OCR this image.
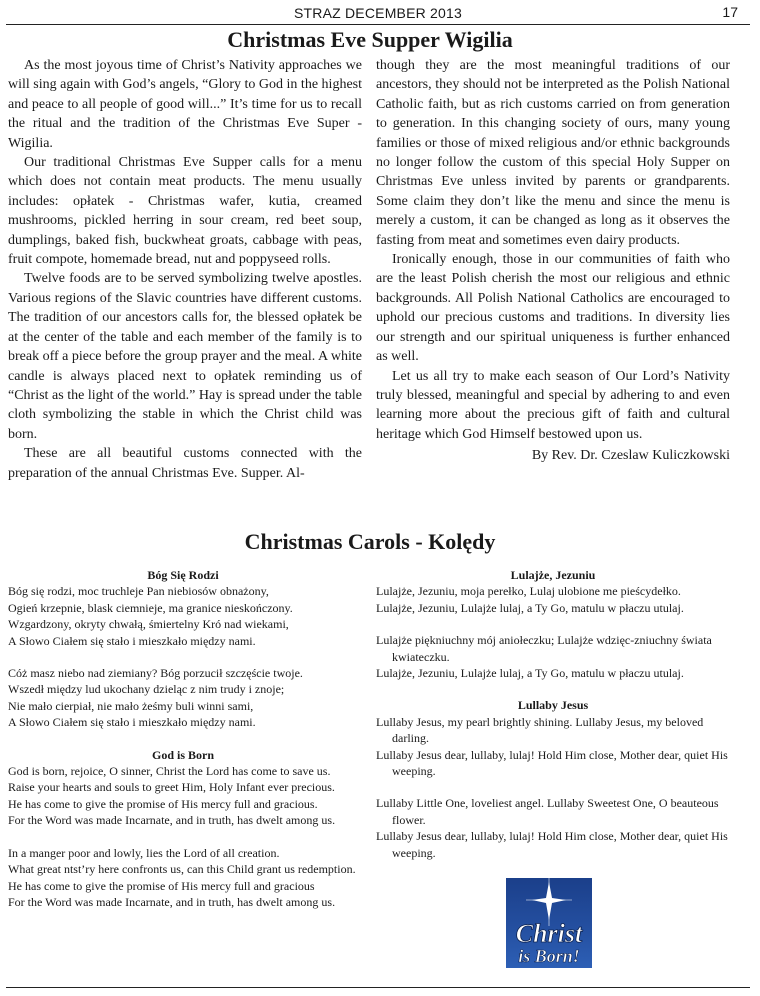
STRAZ DECEMBER 2013	17
Christmas Eve Supper Wigilia

As the most joyous time of Christ’s Nativity approaches we will sing again with God’s angels, “Glory to God in the highest and peace to all people of good will...” It’s time for us to recall the ritual and the tradition of the Christmas Eve Super - Wigilia.

Our traditional Christmas Eve Supper calls for a menu which does not contain meat products. The menu usually includes: opłatek - Christmas wafer, kutia, creamed mushrooms, pickled herring in sour cream, red beet soup, dumplings, baked fish, buckwheat groats, cabbage with peas, fruit compote, homemade bread, nut and poppyseed rolls.

Twelve foods are to be served symbolizing twelve apostles. Various regions of the Slavic countries have different customs. The tradition of our ancestors calls for, the blessed opłatek be at the center of the table and each member of the family is to break off a piece before the group prayer and the meal. A white candle is always placed next to opłatek reminding us of “Christ as the light of the world.” Hay is spread under the table cloth symbolizing the stable in which the Christ child was born.

These are all beautiful customs connected with the preparation of the annual Christmas Eve. Supper. Al-

though they are the most meaningful traditions of our ancestors, they should not be interpreted as the Polish National Catholic faith, but as rich customs carried on from generation to generation. In this changing society of ours, many young families or those of mixed religious and/or ethnic backgrounds no longer follow the custom of this special Holy Supper on Christmas Eve unless invited by parents or grandparents. Some claim they don’t like the menu and since the menu is merely a custom, it can be changed as long as it observes the fasting from meat and sometimes even dairy products.

Ironically enough, those in our communities of faith who are the least Polish cherish the most our religious and ethnic backgrounds. All Polish National Catholics are encouraged to uphold our precious customs and traditions. In diversity lies our strength and our spiritual uniqueness is further enhanced as well.

Let us all try to make each season of Our Lord’s Nativity truly blessed, meaningful and special by adhering to and even learning more about the precious gift of faith and cultural heritage which God Himself bestowed upon us.

By Rev. Dr. Czeslaw Kuliczkowski

Christmas Carols - Kolędy
Bóg Się Rodzi
Bóg się rodzi, moc truchleje Pan niebiosów obnażony,
Ogień krzepnie, blask ciemnieje, ma granice nieskończony.
Wzgardzony, okryty chwałą, śmiertelny Kró nad wiekami,
A Słowo Ciałem się stało i mieszkało między nami.
Cóż masz niebo nad ziemiany? Bóg porzucił szczęście twoje.
Wszedł między lud ukochany dzieląc z nim trudy i znoje;
Nie mało cierpiał, nie mało żeśmy buli winni sami,
A Słowo Ciałem się stało i mieszkało między nami.
God is Born
God is born, rejoice, O sinner, Christ the Lord has come to save us.
Raise your hearts and souls to greet Him, Holy Infant ever precious.
He has come to give the promise of His mercy full and gracious.
For the Word was made Incarnate, and in truth, has dwelt among us.
In a manger poor and lowly, lies the Lord of all creation.
What great ntst’ry here confronts us, can this Child grant us redemption.
He has come to give the promise of His mercy full and gracious
For the Word was made Incarnate, and in truth, has dwelt among us.
Lulajże, Jezuniu
Lulajże, Jezuniu, moja perełko, Lulaj ulobione me pieścydełko.
Lulajże, Jezuniu, Lulajże lulaj, a Ty Go, matulu w płaczu utulaj.
Lulajże pięknіuchny mój aniołeczku; Lulajże wdzięc-zniuchny świata kwiateczku.
Lulajże, Jezuniu, Lulajże lulaj, a Ty Go, matulu w płaczu utulaj.
Lullaby Jesus
Lullaby Jesus, my pearl brightly shining. Lullaby Jesus, my beloved darling.
Lullaby Jesus dear, lullaby, lulaj! Hold Him close, Mother dear, quiet His weeping.
Lullaby Little One, loveliest angel. Lullaby Sweetest One, O beauteous flower.
Lullaby Jesus dear, lullaby, lulaj! Hold Him close, Mother dear, quiet His weeping.
Christ
is Born!
